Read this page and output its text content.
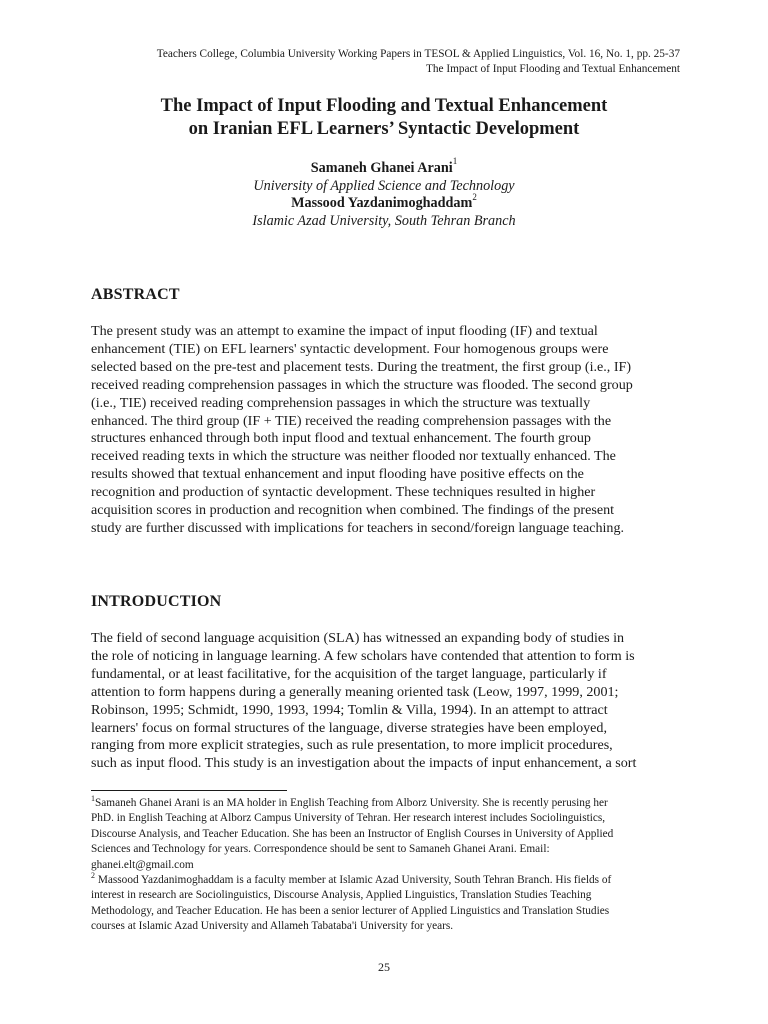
Teachers College, Columbia University Working Papers in TESOL & Applied Linguistics, Vol. 16, No. 1, pp. 25-37
The Impact of Input Flooding and Textual Enhancement
The Impact of Input Flooding and Textual Enhancement
on Iranian EFL Learners’ Syntactic Development
Samaneh Ghanei Arani$^1$
University of Applied Science and Technology
Massood Yazdanimoghaddam$^2$
Islamic Azad University, South Tehran Branch
ABSTRACT
The present study was an attempt to examine the impact of input flooding (IF) and textual
enhancement (TIE) on EFL learners' syntactic development. Four homogenous groups were
selected based on the pre-test and placement tests. During the treatment, the first group (i.e., IF)
received reading comprehension passages in which the structure was flooded. The second group
(i.e., TIE) received reading comprehension passages in which the structure was textually
enhanced. The third group (IF + TIE) received the reading comprehension passages with the
structures enhanced through both input flood and textual enhancement. The fourth group
received reading texts in which the structure was neither flooded nor textually enhanced. The
results showed that textual enhancement and input flooding have positive effects on the
recognition and production of syntactic development. These techniques resulted in higher
acquisition scores in production and recognition when combined. The findings of the present
study are further discussed with implications for teachers in second/foreign language teaching.
INTRODUCTION
The field of second language acquisition (SLA) has witnessed an expanding body of studies in
the role of noticing in language learning. A few scholars have contended that attention to form is
fundamental, or at least facilitative, for the acquisition of the target language, particularly if
attention to form happens during a generally meaning oriented task (Leow, 1997, 1999, 2001;
Robinson, 1995; Schmidt, 1990, 1993, 1994; Tomlin & Villa, 1994). In an attempt to attract
learners' focus on formal structures of the language, diverse strategies have been employed,
ranging from more explicit strategies, such as rule presentation, to more implicit procedures,
such as input flood. This study is an investigation about the impacts of input enhancement, a sort
$^1$Samaneh Ghanei Arani is an MA holder in English Teaching from Alborz University. She is recently perusing her
PhD. in English Teaching at Alborz Campus University of Tehran. Her research interest includes Sociolinguistics,
Discourse Analysis, and Teacher Education. She has been an Instructor of English Courses in University of Applied
Sciences and Technology for years. Correspondence should be sent to Samaneh Ghanei Arani. Email:
ghanei.elt@gmail.com
$^2$ Massood Yazdanimoghaddam is a faculty member at Islamic Azad University, South Tehran Branch. His fields of
interest in research are Sociolinguistics, Discourse Analysis, Applied Linguistics, Translation Studies Teaching
Methodology, and Teacher Education. He has been a senior lecturer of Applied Linguistics and Translation Studies
courses at Islamic Azad University and Allameh Tabataba'i University for years.
25
